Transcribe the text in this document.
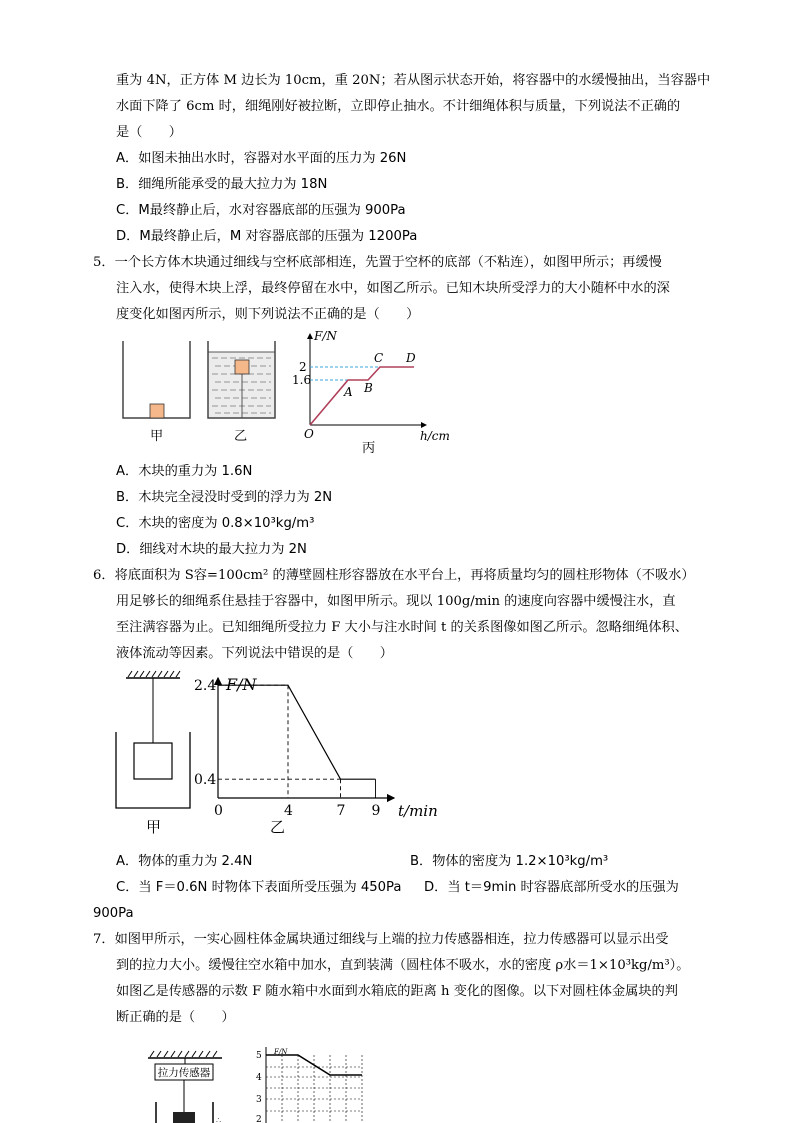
重为 4N，正方体 M 边长为 10cm，重 20N；若从图示状态开始，将容器中的水缓慢抽出，当容器中
水面下降了 6cm 时，细绳刚好被拉断，立即停止抽水。不计细绳体积与质量，下列说法不正确的
是（　　）
A．如图未抽出水时，容器对水平面的压力为 26N
B．细绳所能承受的最大拉力为 18N
C．M最终静止后，水对容器底部的压强为 900Pa
D．M最终静止后，M 对容器底部的压强为 1200Pa
5．一个长方体木块通过细线与空杯底部相连，先置于空杯的底部（不粘连），如图甲所示；再缓慢
注入水，使得木块上浮，最终停留在水中，如图乙所示。已知木块所受浮力的大小随杯中水的深
度变化如图丙所示，则下列说法不正确的是（　　）
甲	乙
F/N
2
1.6
O
A B
C D
h/cm
丙
A．木块的重力为 1.6N
B．木块完全浸没时受到的浮力为 2N
C．木块的密度为 0.8×10³kg/m³
D．细线对木块的最大拉力为 2N
6．将底面积为 S容=100cm² 的薄壁圆柱形容器放在水平台上，再将质量均匀的圆柱形物体（不吸水）
用足够长的细绳系住悬挂于容器中，如图甲所示。现以 100g/min 的速度向容器中缓慢注水，直
至注满容器为止。已知细绳所受拉力 F 大小与注水时间 t 的关系图像如图乙所示。忽略细绳体积、
液体流动等因素。下列说法中错误的是（　　）
甲
0	4	7 9
2.4
0.4
F/N
t/min
乙
A．物体的重力为 2.4N	B．物体的密度为 1.2×10³kg/m³
C．当 F＝0.6N 时物体下表面所受压强为 450Pa D．当 t＝9min 时容器底部所受水的压强为
900Pa
7．如图甲所示，一实心圆柱体金属块通过细线与上端的拉力传感器相连，拉力传感器可以显示出受
到的拉力大小。缓慢往空水箱中加水，直到装满（圆柱体不吸水，水的密度 ρ水＝1×10³kg/m³）。
如图乙是传感器的示数 F 随水箱中水面到水箱底的距离 h 变化的图像。以下对圆柱体金属块的判
断正确的是（　　）
拉力传感器
∴
F/N
5
4
3
2
